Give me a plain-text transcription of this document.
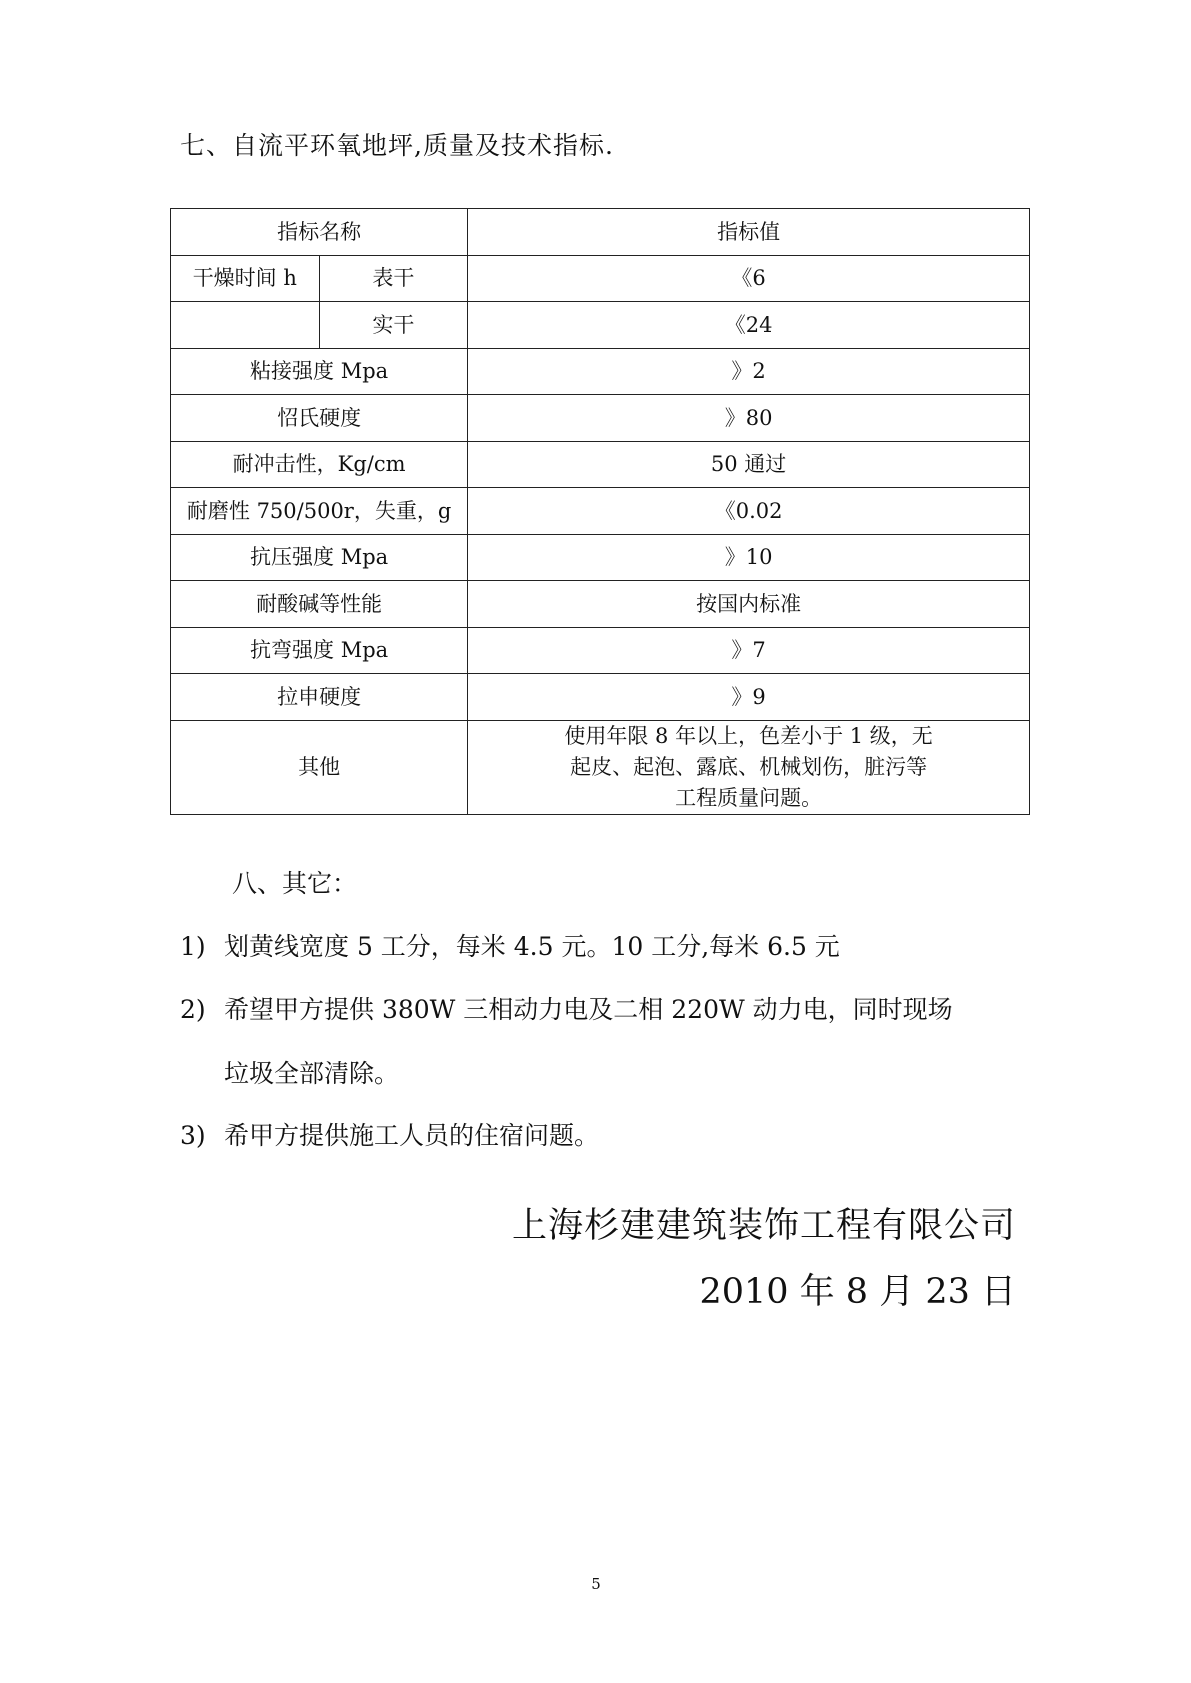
七、自流平环氧地坪,质量及技术指标.
指标名称		指标值
干燥时间 h	表干	《6
	实干	《24
粘接强度 Mpa		》2
怊氏硬度		》80
耐冲击性，Kg/cm		50 通过
耐磨性 750/500r，失重，g		《0.02
抗压强度 Mpa		》10
耐酸碱等性能		按国内标准
抗弯强度 Mpa		》7
拉申硬度		》9
其他		使用年限 8 年以上，色差小于 1 级，无
起皮、起泡、露底、机械划伤，脏污等
工程质量问题。
八、其它：
1) 划黄线宽度 5 工分，每米 4.5 元。10 工分,每米 6.5 元
2) 希望甲方提供 380W 三相动力电及二相 220W 动力电，同时现场
垃圾全部清除。
3) 希甲方提供施工人员的住宿问题。
上海杉建建筑装饰工程有限公司
2010 年 8 月 23 日
5
